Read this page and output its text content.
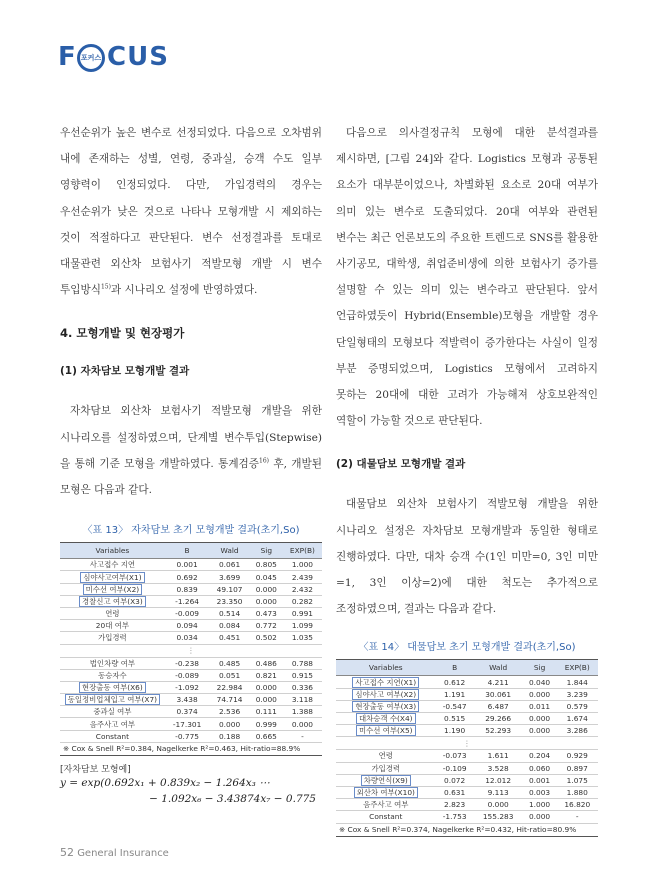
F 포커스 CUS

우선순위가 높은 변수로 선정되었다. 다음으로 오차범위 내에 존재하는 성별, 연령, 중과실, 승객 수도 일부 영향력이 인정되었다. 다만, 가입경력의 경우는 우선순위가 낮은 것으로 나타나 모형개발 시 제외하는 것이 적절하다고 판단된다. 변수 선정결과를 토대로 대물관련 외산차 보험사기 적발모형 개발 시 변수 투입방식$^{15)}$과 시나리오 설정에 반영하였다.

4. 모형개발 및 현장평가
(1) 자차담보 모형개발 결과

자차담보 외산차 보험사기 적발모형 개발을 위한 시나리오를 설정하였으며, 단계별 변수투입(Stepwise)을 통해 기준 모형을 개발하였다. 통계검증$^{16)}$ 후, 개발된 모형은 다음과 같다.

〈표 13〉 자차담보 초기 모형개발 결과(초기,So)
Variables	B	Wald	Sig	EXP(B)
사고접수 지연	0.001	0.061	0.805	1.000
심야사고여부(X1)	0.692	3.699	0.045	2.439
미수선 여부(X2)	0.839	49.107	0.000	2.432
경찰신고 여부(X3)	-1.264	23.350	0.000	0.282
연령	-0.009	0.514	0.473	0.991
20대 여부	0.094	0.084	0.772	1.099
가입경력	0.034	0.451	0.502	1.035
⋮				
법인차량 여부	-0.238	0.485	0.486	0.788
동승자수	-0.089	0.051	0.821	0.915
현장출동 여부(X6)	-1.092	22.984	0.000	0.336
동일정비업체입고 여부(X7)	3.438	74.714	0.000	3.118
중과실 여부	0.374	2.536	0.111	1.388
음주사고 여부	-17.301	0.000	0.999	0.000
Constant	-0.775	0.188	0.665	-
※ Cox & Snell R²=0.384, Nagelkerke R²=0.463, Hit-ratio=88.9%				
[자차담보 모형예]
y = exp(0.692x₁ + 0.839x₂ − 1.264x₃ ⋯
− 1.092x₆ − 3.43874x₇ − 0.775

다음으로 의사결정규칙 모형에 대한 분석결과를 제시하면, [그림 24]와 같다. Logistics 모형과 공통된 요소가 대부분이었으나, 차별화된 요소로 20대 여부가 의미 있는 변수로 도출되었다. 20대 여부와 관련된 변수는 최근 언론보도의 주요한 트렌드로 SNS를 활용한 사기공모, 대학생, 취업준비생에 의한 보험사기 증가를 설명할 수 있는 의미 있는 변수라고 판단된다. 앞서 언급하였듯이 Hybrid(Ensemble)모형을 개발할 경우 단일형태의 모형보다 적발력이 증가한다는 사실이 일정 부분 증명되었으며, Logistics 모형에서 고려하지 못하는 20대에 대한 고려가 가능해져 상호보완적인 역할이 가능할 것으로 판단된다.

(2) 대물담보 모형개발 결과

대물담보 외산차 보험사기 적발모형 개발을 위한 시나리오 설정은 자차담보 모형개발과 동일한 형태로 진행하였다. 다만, 대차 승객 수(1인 미만=0, 3인 미만=1, 3인 이상=2)에 대한 척도는 추가적으로 조정하였으며, 결과는 다음과 같다.

〈표 14〉 대물담보 초기 모형개발 결과(초기,So)
Variables	B	Wald	Sig	EXP(B)
사고접수 지연(X1)	0.612	4.211	0.040	1.844
심야사고 여부(X2)	1.191	30.061	0.000	3.239
현장출동 여부(X3)	-0.547	6.487	0.011	0.579
대차승객 수(X4)	0.515	29.266	0.000	1.674
미수선 여부(X5)	1.190	52.293	0.000	3.286
⋮				
연령	-0.073	1.611	0.204	0.929
가입경력	-0.109	3.528	0.060	0.897
차량연식(X9)	0.072	12.012	0.001	1.075
외산차 여부(X10)	0.631	9.113	0.003	1.880
음주사고 여부	2.823	0.000	1.000	16.820
Constant	-1.753	155.283	0.000	-
※ Cox & Snell R²=0.374, Nagelkerke R²=0.432, Hit-ratio=80.9%				
52 General Insurance
